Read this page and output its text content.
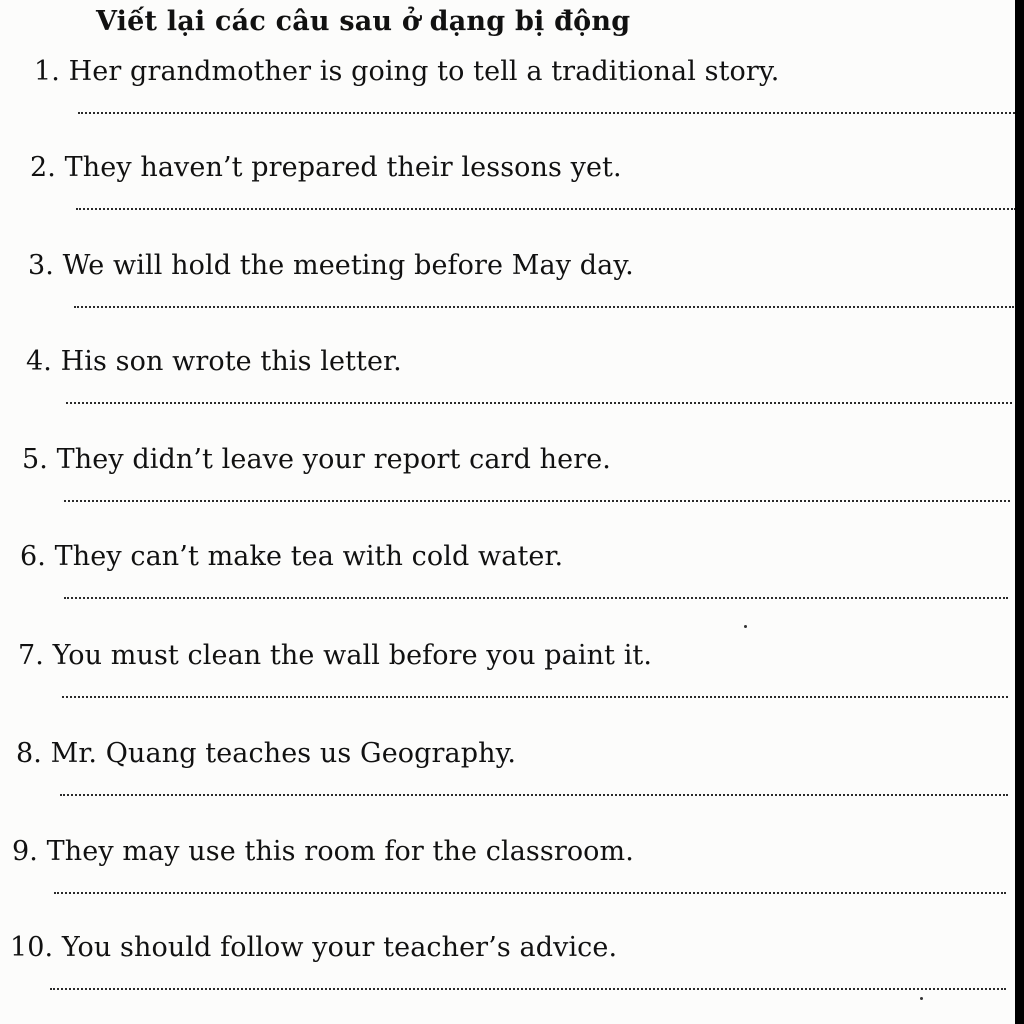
Viết lại các câu sau ở dạng bị động
1. Her grandmother is going to tell a traditional story.
2. They haven’t prepared their lessons yet.
3. We will hold the meeting before May day.
4. His son wrote this letter.
5. They didn’t leave your report card here.
6. They can’t make tea with cold water.
7. You must clean the wall before you paint it.
8. Mr. Quang teaches us Geography.
9. They may use this room for the classroom.
10. You should follow your teacher’s advice.
